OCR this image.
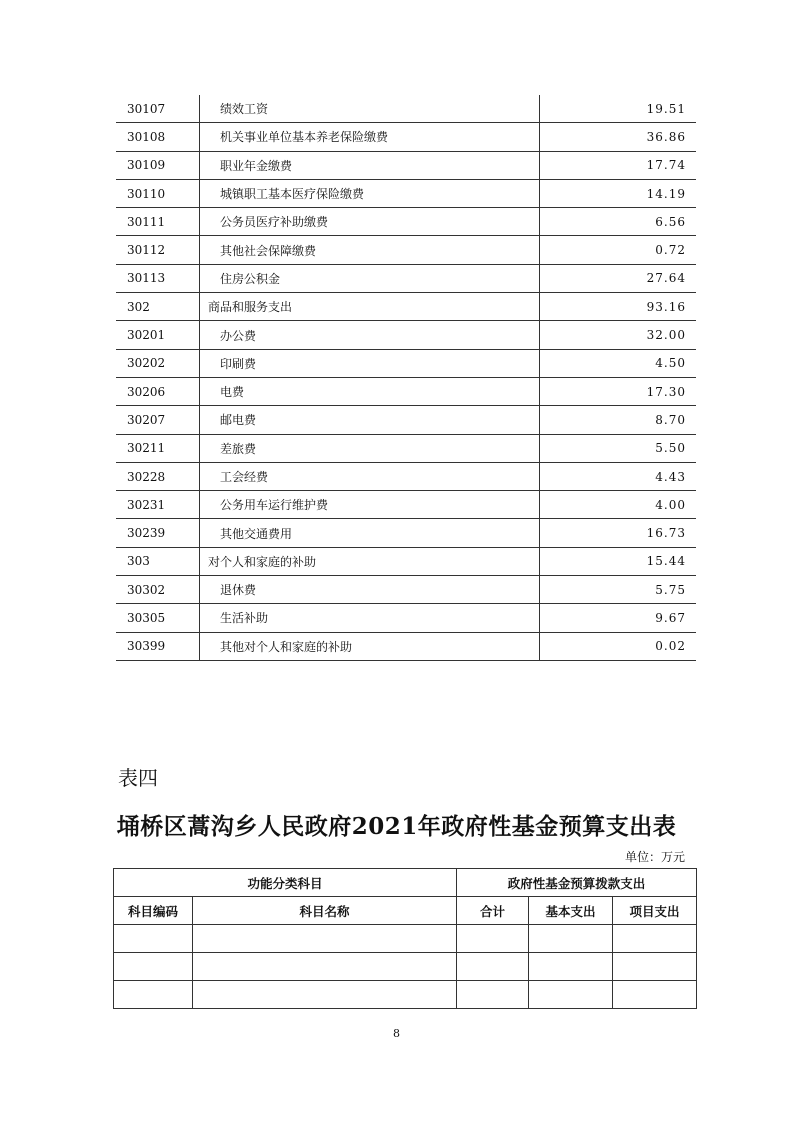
30107	绩效工资	19.51
30108	机关事业单位基本养老保险缴费	36.86
30109	职业年金缴费	17.74
30110	城镇职工基本医疗保险缴费	14.19
30111	公务员医疗补助缴费	6.56
30112	其他社会保障缴费	0.72
30113	住房公积金	27.64
302	商品和服务支出	93.16
30201	办公费	32.00
30202	印刷费	4.50
30206	电费	17.30
30207	邮电费	8.70
30211	差旅费	5.50
30228	工会经费	4.43
30231	公务用车运行维护费	4.00
30239	其他交通费用	16.73
303	对个人和家庭的补助	15.44
30302	退休费	5.75
30305	生活补助	9.67
30399	其他对个人和家庭的补助	0.02
表四
埇桥区蒿沟乡人民政府2021年政府性基金预算支出表
单位：万元
功能分类科目		政府性基金预算拨款支出		
科目编码	科目名称	合计	基本支出	项目支出

8
